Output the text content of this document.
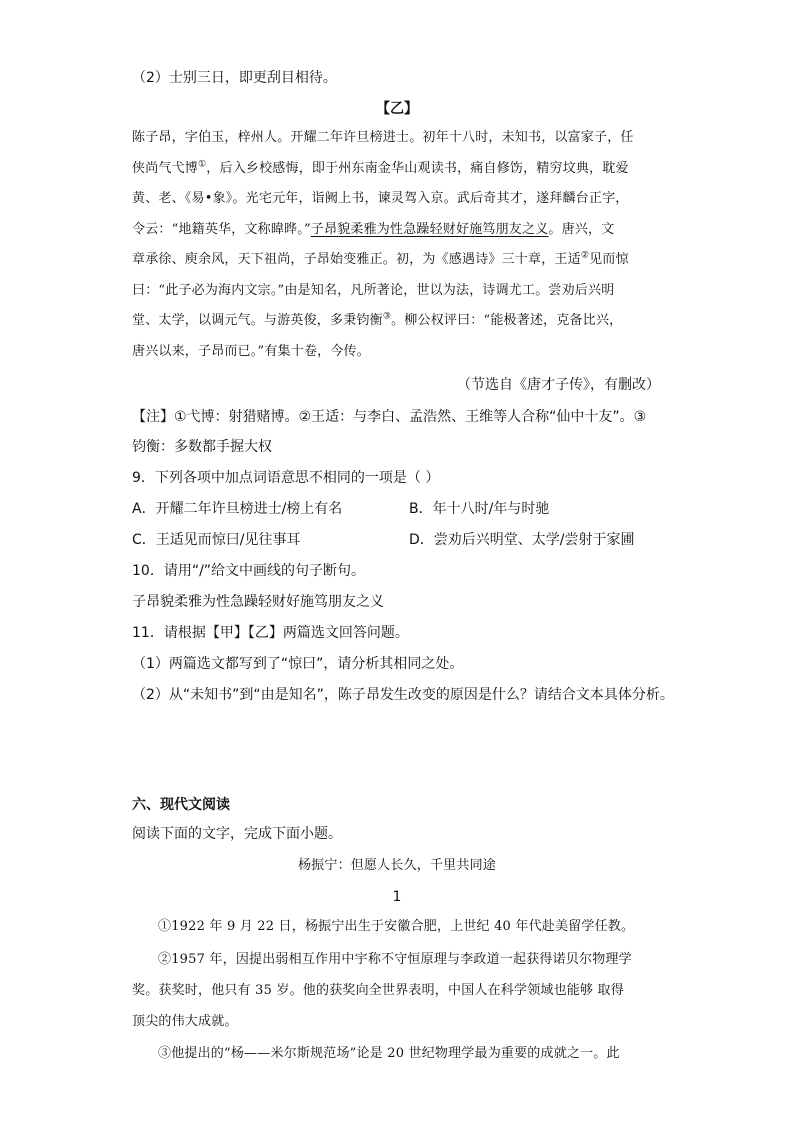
（2）士别三日，即更刮目相待。
【乙】
陈子昂，字伯玉，梓州人。开耀二年许旦榜进士。初年十八时，未知书，以富家子，任
侠尚气弋博①，后入乡校感悔，即于州东南金华山观读书，痛自修饬，精穷坟典，耽爱
黄、老、《易•象》。光宅元年，诣阙上书，谏灵驾入京。武后奇其才，遂拜麟台正字，
令云：“地籍英华，文称暐晔。”子昂貌柔雅为性急躁轻财好施笃朋友之义。唐兴，文
章承徐、庾余风，天下祖尚，子昂始变雅正。初，为《感遇诗》三十章，王适②见而惊
曰：“此子必为海内文宗。”由是知名，凡所著论，世以为法，诗调尤工。尝劝后兴明
堂、太学，以调元气。与游英俊，多秉钧衡③。柳公权评曰：“能极著述，克备比兴，
唐兴以来，子昂而已。”有集十卷，今传。
（节选自《唐才子传》，有删改）
【注】①弋博：射猎赌博。②王适：与李白、孟浩然、王维等人合称“仙中十友”。③
钧衡：多数都手握大权
9．下列各项中加点词语意思不相同的一项是（ ）
A．开耀二年许旦榜进士/榜上有名	B．年十八时/年与时驰
C．王适见而惊曰/见往事耳	D．尝劝后兴明堂、太学/尝射于家圃
10．请用“/”给文中画线的句子断句。
子昂貌柔雅为性急躁轻财好施笃朋友之义
11．请根据【甲】【乙】两篇选文回答问题。
（1）两篇选文都写到了“惊曰”，请分析其相同之处。
（2）从“未知书”到“由是知名”，陈子昂发生改变的原因是什么？请结合文本具体分析。
六、现代文阅读
阅读下面的文字，完成下面小题。
杨振宁：但愿人长久，千里共同途
1
①1922 年 9 月 22 日，杨振宁出生于安徽合肥，上世纪 40 年代赴美留学任教。
②1957 年，因提出弱相互作用中宇称不守恒原理与李政道一起获得诺贝尔物理学
奖。获奖时，他只有 35 岁。他的获奖向全世界表明，中国人在科学领域也能够 取得
顶尖的伟大成就。
③他提出的“杨——米尔斯规范场”论是 20 世纪物理学最为重要的成就之一。此
